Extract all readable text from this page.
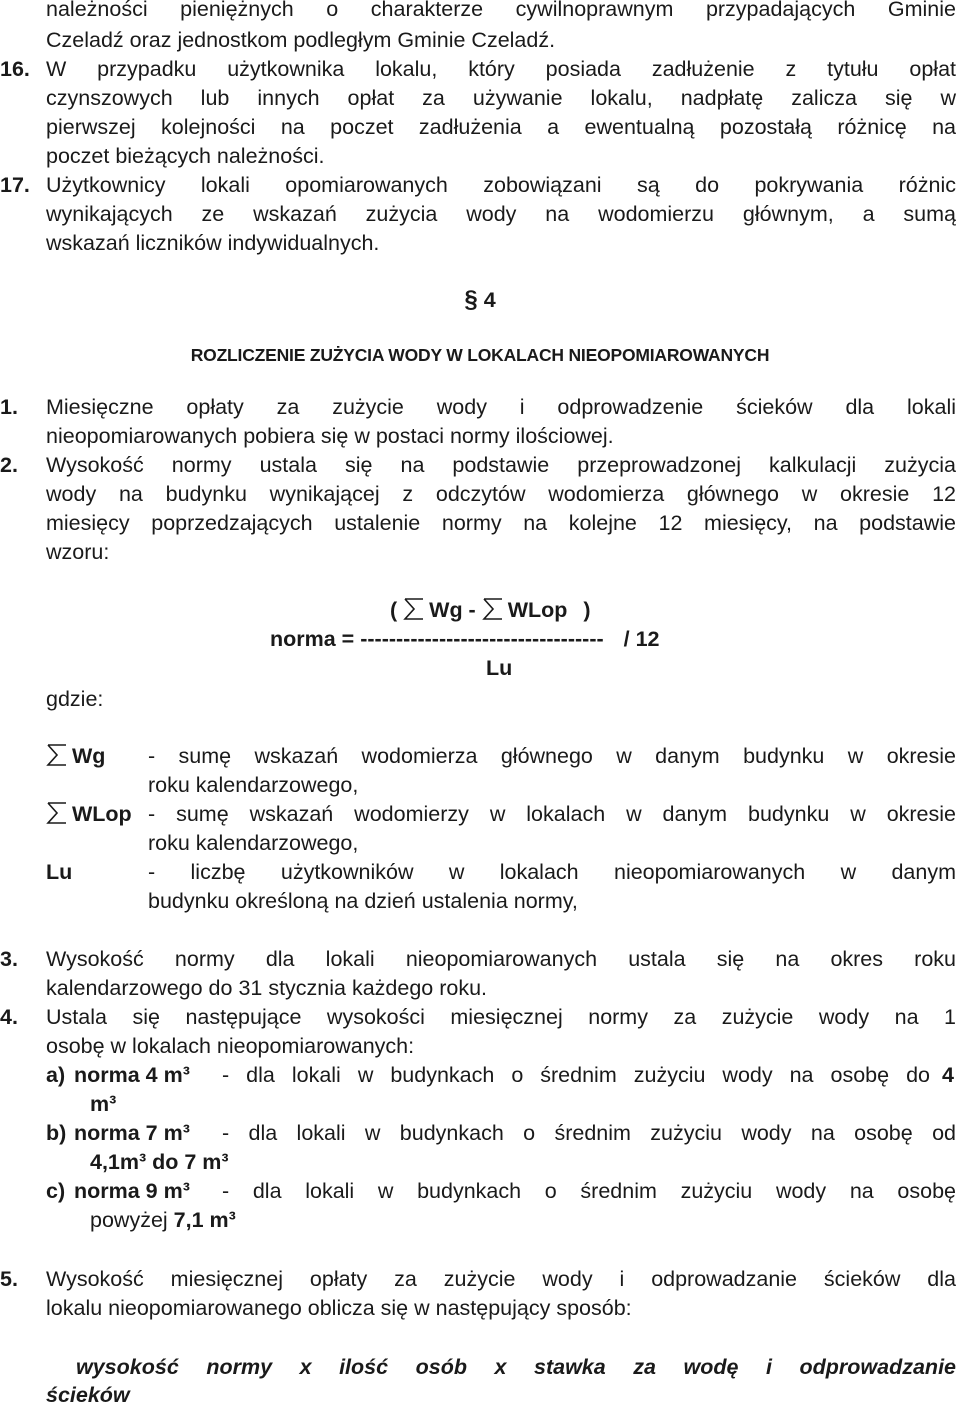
należności pieniężnych o charakterze cywilnoprawnym przypadających Gminie
Czeladź oraz jednostkom podległym Gminie Czeladź.
16. W przypadku użytkownika lokalu, który posiada zadłużenie z tytułu opłat
czynszowych lub innych opłat za używanie lokalu, nadpłatę zalicza się w
pierwszej kolejności na poczet zadłużenia a ewentualną pozostałą różnicę na
poczet bieżących należności.
17. Użytkownicy lokali opomiarowanych zobowiązani są do pokrywania różnic
wynikających ze wskazań zużycia wody na wodomierzu głównym, a sumą
wskazań liczników indywidualnych.
§ 4
ROZLICZENIE ZUŻYCIA WODY W LOKALACH NIEOPOMIAROWANYCH
1. Miesięczne opłaty za zużycie wody i odprowadzenie ścieków dla lokali
nieopomiarowanych pobiera się w postaci normy ilościowej.
2. Wysokość normy ustala się na podstawie przeprowadzonej kalkulacji zużycia
wody na budynku wynikającej z odczytów wodomierza głównego w okresie 12
miesięcy poprzedzających ustalenie normy na kolejne 12 miesięcy, na podstawie
wzoru:
( Wg - WLop )
norma = ---------------------------------- / 12
Lu
gdzie:
Wg - sumę wskazań wodomierza głównego w danym budynku w okresie
roku kalendarzowego,
WLop - sumę wskazań wodomierzy w lokalach w danym budynku w okresie
roku kalendarzowego,
Lu	- liczbę użytkowników w lokalach nieopomiarowanych w danym
budynku określoną na dzień ustalenia normy,
3. Wysokość normy dla lokali nieopomiarowanych ustala się na okres roku
kalendarzowego do 31 stycznia każdego roku.
4. Ustala się następujące wysokości miesięcznej normy za zużycie wody na 1
osobę w lokalach nieopomiarowanych:
a) norma 4 m³ - dla lokali w budynkach o średnim zużyciu wody na osobę do 4
m³
b) norma 7 m³ - dla lokali w budynkach o średnim zużyciu wody na osobę od
4,1m³ do 7 m³
c) norma 9 m³ - dla lokali w budynkach o średnim zużyciu wody na osobę
powyżej 7,1 m³
5. Wysokość miesięcznej opłaty za zużycie wody i odprowadzanie ścieków dla
lokalu nieopomiarowanego oblicza się w następujący sposób:
wysokość normy x ilość osób x stawka za wodę i odprowadzanie
ścieków
